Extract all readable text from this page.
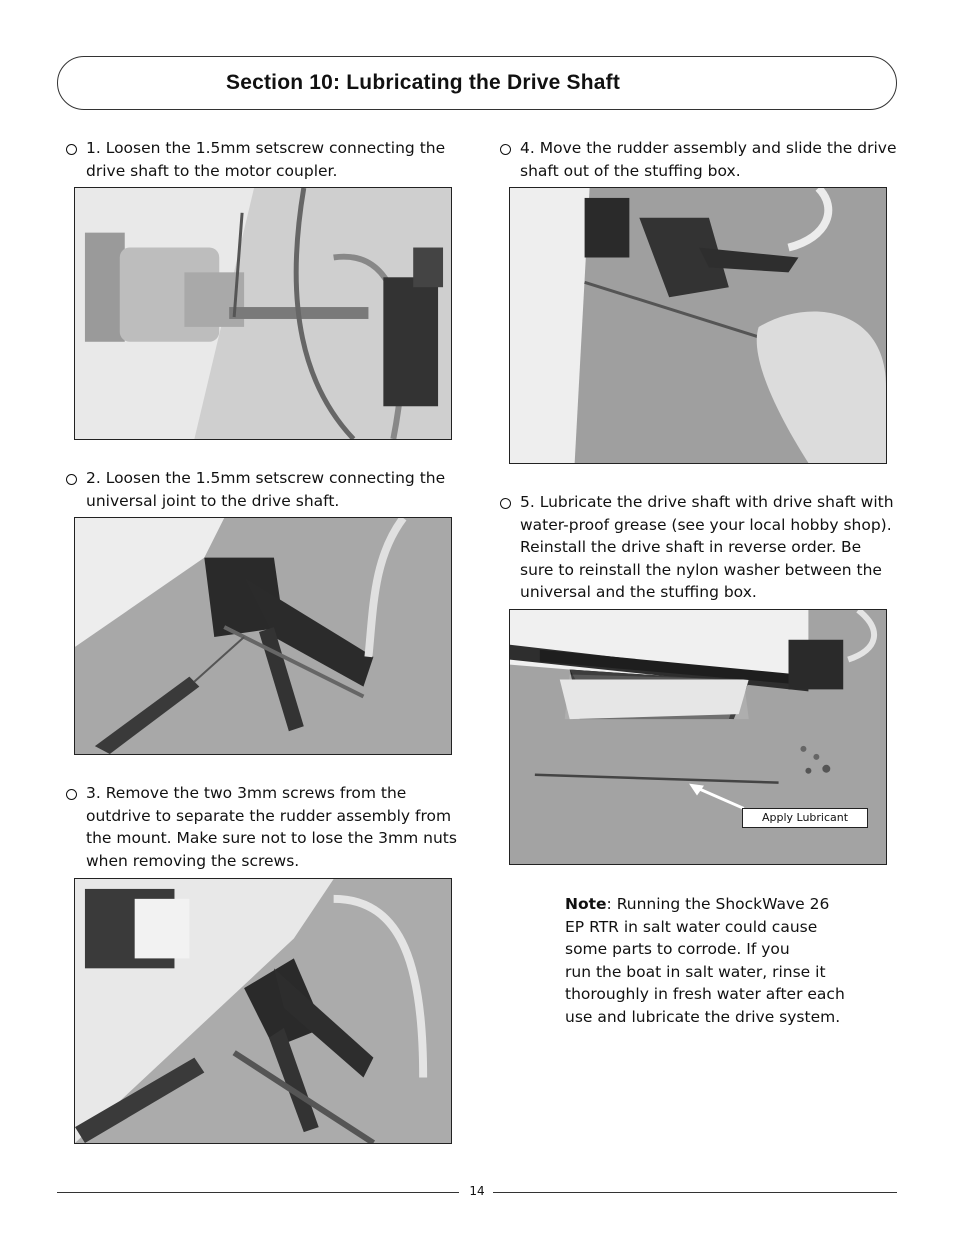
Section 10: Lubricating the Drive Shaft
1. Loosen the 1.5mm setscrew connecting the
drive shaft to the motor coupler.
2. Loosen the 1.5mm setscrew connecting the
universal joint to the drive shaft.
3. Remove the two 3mm screws from the
outdrive to separate the rudder assembly from
the mount. Make sure not to lose the 3mm nuts
when removing the screws.
4. Move the rudder assembly and slide the drive
shaft out of the stuffing box.
5. Lubricate the drive shaft with drive shaft with
water-proof grease (see your local hobby shop).
Reinstall the drive shaft in reverse order. Be
sure to reinstall the nylon washer between the
universal and the stuffing box.
Apply Lubricant
Note: Running the ShockWave 26
EP RTR in salt water could cause
some parts to corrode. If you
run the boat in salt water, rinse it
thoroughly in fresh water after each
use and lubricate the drive system.
14
